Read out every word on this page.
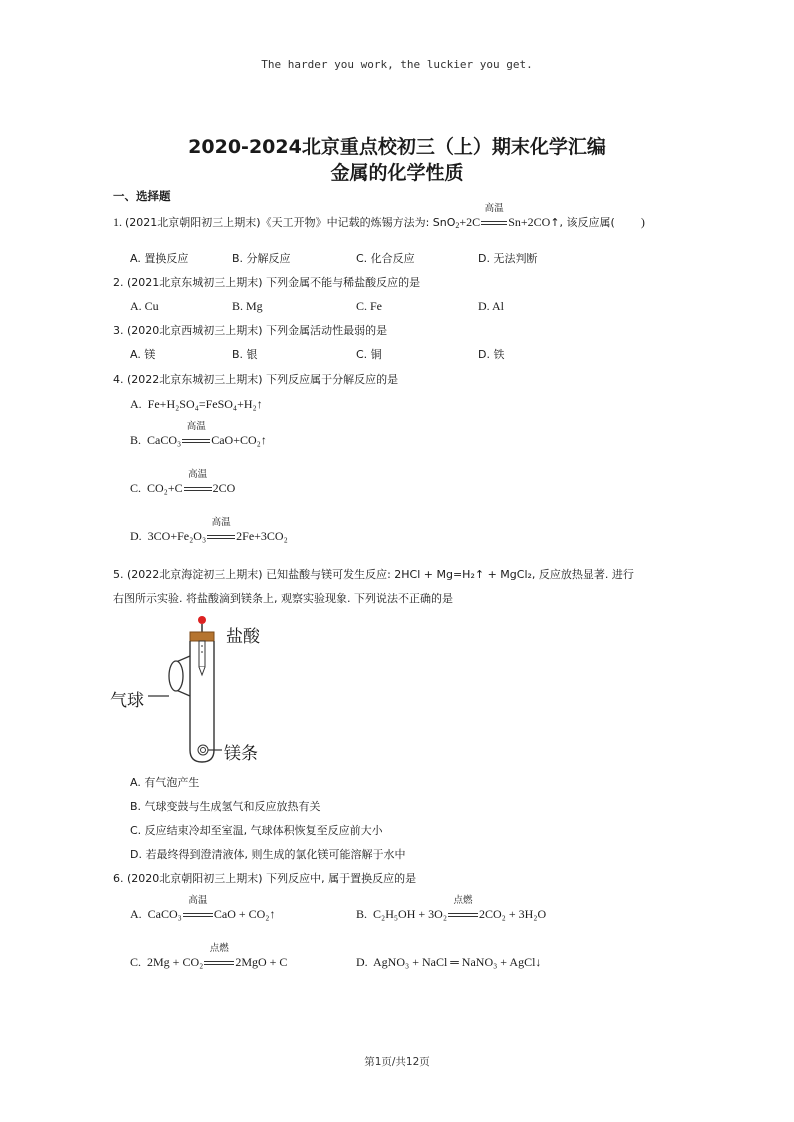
The harder you work, the luckier you get.
2020-2024北京重点校初三（上）期末化学汇编
金属的化学性质
一、选择题
1. (2021北京朝阳初三上期末)《天工开物》中记载的炼锡方法为: SnO$_2$+2C
高温
Sn+2CO↑, 该反应属( )
A. 置换反应	B. 分解反应	C. 化合反应	D. 无法判断
2. (2021北京东城初三上期末) 下列金属不能与稀盐酸反应的是
A. Cu	B. Mg	C. Fe	D. Al
3. (2020北京西城初三上期末) 下列金属活动性最弱的是
A. 镁	B. 银	C. 铜	D. 铁
4. (2022北京东城初三上期末) 下列反应属于分解反应的是
A. Fe+H₂SO₄=FeSO₄+H₂↑
B. CaCO₃
高温
CaO+CO₂↑
C. CO₂+C
高温
2CO
D. 3CO+Fe₂O₃
高温
2Fe+3CO₂
5. (2022北京海淀初三上期末) 已知盐酸与镁可发生反应: 2HCl + Mg=H₂↑ + MgCl₂, 反应放热显著. 进行
右图所示实验. 将盐酸滴到镁条上, 观察实验现象. 下列说法不正确的是
盐酸
气球
镁条
A. 有气泡产生
B. 气球变鼓与生成氢气和反应放热有关
C. 反应结束冷却至室温, 气球体积恢复至反应前大小
D. 若最终得到澄清液体, 则生成的氯化镁可能溶解于水中
6. (2020北京朝阳初三上期末) 下列反应中, 属于置换反应的是
A. CaCO₃
高温
CaO + CO₂↑	B. C₂H₅OH + 3O₂
点燃
2CO₂ + 3H₂O
C. 2Mg + CO₂
点燃
2MgO + C	D. AgNO₃ + NaCl ═ NaNO₃ + AgCl↓
第1页/共12页
